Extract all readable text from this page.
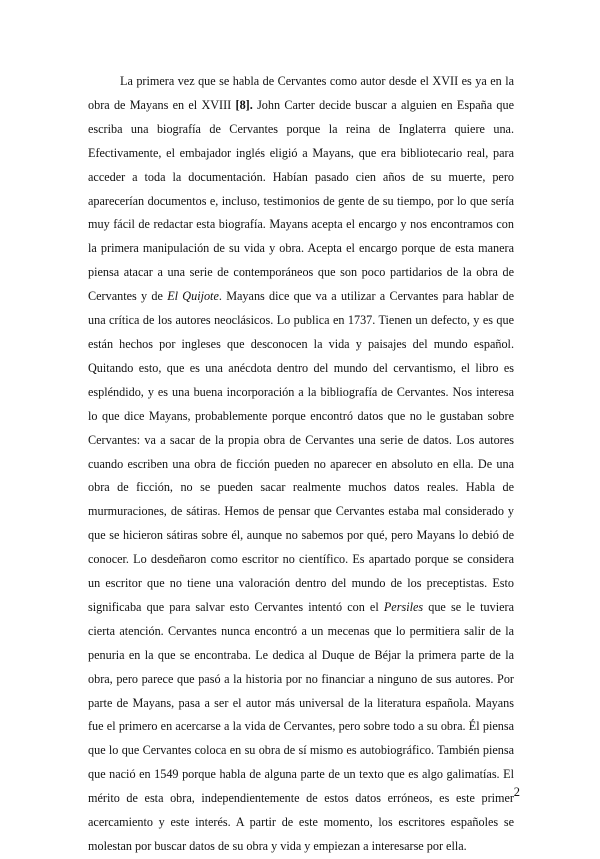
La primera vez que se habla de Cervantes como autor desde el XVII es ya en la obra de Mayans en el XVIII [8]. John Carter decide buscar a alguien en España que escriba una biografía de Cervantes porque la reina de Inglaterra quiere una. Efectivamente, el embajador inglés eligió a Mayans, que era bibliotecario real, para acceder a toda la documentación. Habían pasado cien años de su muerte, pero aparecerían documentos e, incluso, testimonios de gente de su tiempo, por lo que sería muy fácil de redactar esta biografía. Mayans acepta el encargo y nos encontramos con la primera manipulación de su vida y obra. Acepta el encargo porque de esta manera piensa atacar a una serie de contemporáneos que son poco partidarios de la obra de Cervantes y de El Quijote. Mayans dice que va a utilizar a Cervantes para hablar de una crítica de los autores neoclásicos. Lo publica en 1737. Tienen un defecto, y es que están hechos por ingleses que desconocen la vida y paisajes del mundo español. Quitando esto, que es una anécdota dentro del mundo del cervantismo, el libro es espléndido, y es una buena incorporación a la bibliografía de Cervantes. Nos interesa lo que dice Mayans, probablemente porque encontró datos que no le gustaban sobre Cervantes: va a sacar de la propia obra de Cervantes una serie de datos. Los autores cuando escriben una obra de ficción pueden no aparecer en absoluto en ella. De una obra de ficción, no se pueden sacar realmente muchos datos reales. Habla de murmuraciones, de sátiras. Hemos de pensar que Cervantes estaba mal considerado y que se hicieron sátiras sobre él, aunque no sabemos por qué, pero Mayans lo debió de conocer. Lo desdeñaron como escritor no científico. Es apartado porque se considera un escritor que no tiene una valoración dentro del mundo de los preceptistas. Esto significaba que para salvar esto Cervantes intentó con el Persiles que se le tuviera cierta atención. Cervantes nunca encontró a un mecenas que lo permitiera salir de la penuria en la que se encontraba. Le dedica al Duque de Béjar la primera parte de la obra, pero parece que pasó a la historia por no financiar a ninguno de sus autores. Por parte de Mayans, pasa a ser el autor más universal de la literatura española. Mayans fue el primero en acercarse a la vida de Cervantes, pero sobre todo a su obra. Él piensa que lo que Cervantes coloca en su obra de sí mismo es autobiográfico. También piensa que nació en 1549 porque habla de alguna parte de un texto que es algo galimatías. El mérito de esta obra, independientemente de estos datos erróneos, es este primer acercamiento y este interés. A partir de este momento, los escritores españoles se molestan por buscar datos de su obra y vida y empiezan a interesarse por ella.

2
